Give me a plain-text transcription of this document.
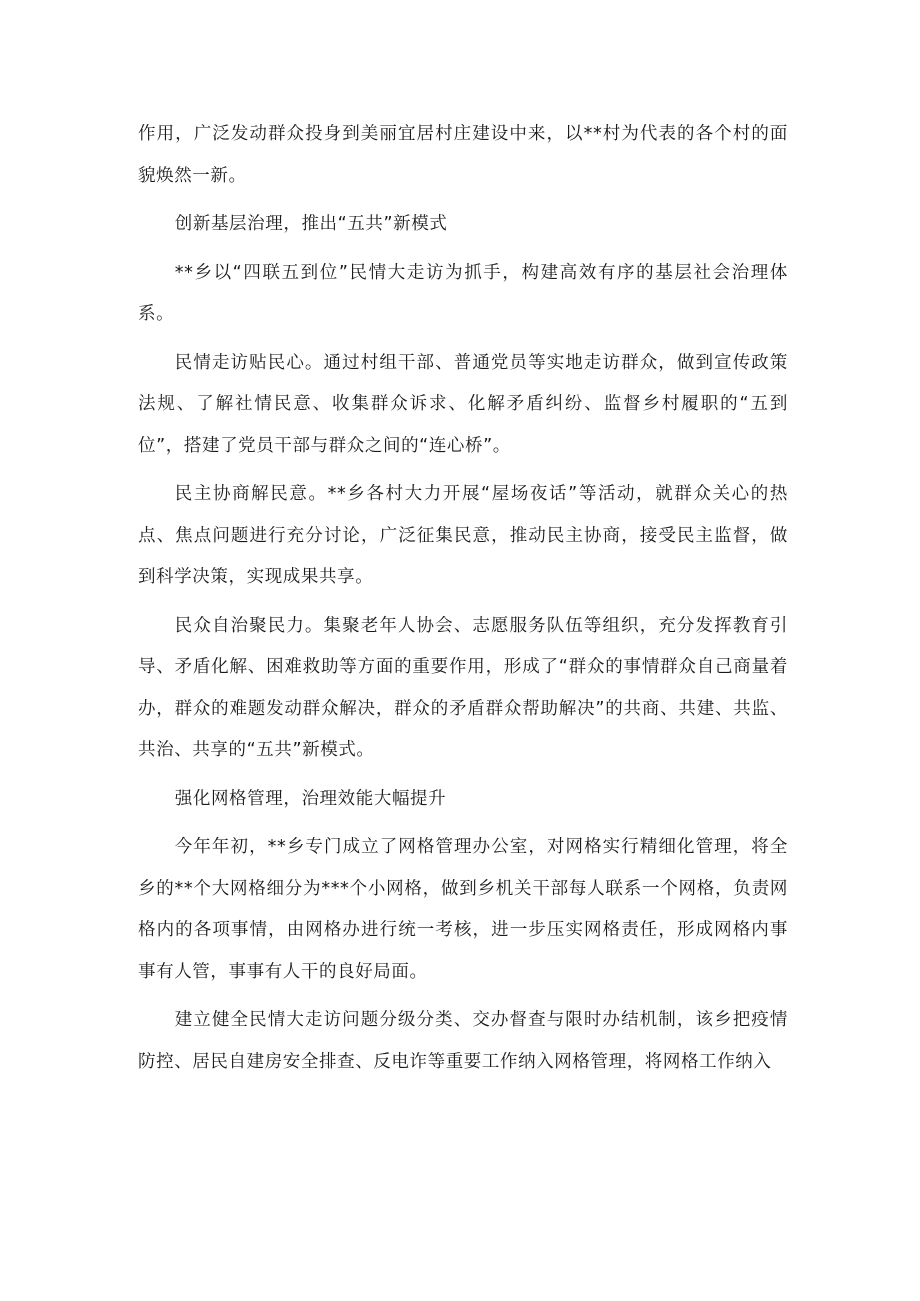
作用，广泛发动群众投身到美丽宜居村庄建设中来，以**村为代表的各个村的面貌焕然一新。

创新基层治理，推出“五共”新模式

**乡以“四联五到位”民情大走访为抓手，构建高效有序的基层社会治理体系。

民情走访贴民心。通过村组干部、普通党员等实地走访群众，做到宣传政策法规、了解社情民意、收集群众诉求、化解矛盾纠纷、监督乡村履职的“五到位”，搭建了党员干部与群众之间的“连心桥”。

民主协商解民意。**乡各村大力开展“屋场夜话”等活动，就群众关心的热点、焦点问题进行充分讨论，广泛征集民意，推动民主协商，接受民主监督，做到科学决策，实现成果共享。

民众自治聚民力。集聚老年人协会、志愿服务队伍等组织，充分发挥教育引导、矛盾化解、困难救助等方面的重要作用，形成了“群众的事情群众自己商量着办，群众的难题发动群众解决，群众的矛盾群众帮助解决”的共商、共建、共监、共治、共享的“五共”新模式。

强化网格管理，治理效能大幅提升

今年年初，**乡专门成立了网格管理办公室，对网格实行精细化管理，将全乡的**个大网格细分为***个小网格，做到乡机关干部每人联系一个网格，负责网格内的各项事情，由网格办进行统一考核，进一步压实网格责任，形成网格内事事有人管，事事有人干的良好局面。

建立健全民情大走访问题分级分类、交办督查与限时办结机制，该乡把疫情防控、居民自建房安全排查、反电诈等重要工作纳入网格管理，将网格工作纳入
